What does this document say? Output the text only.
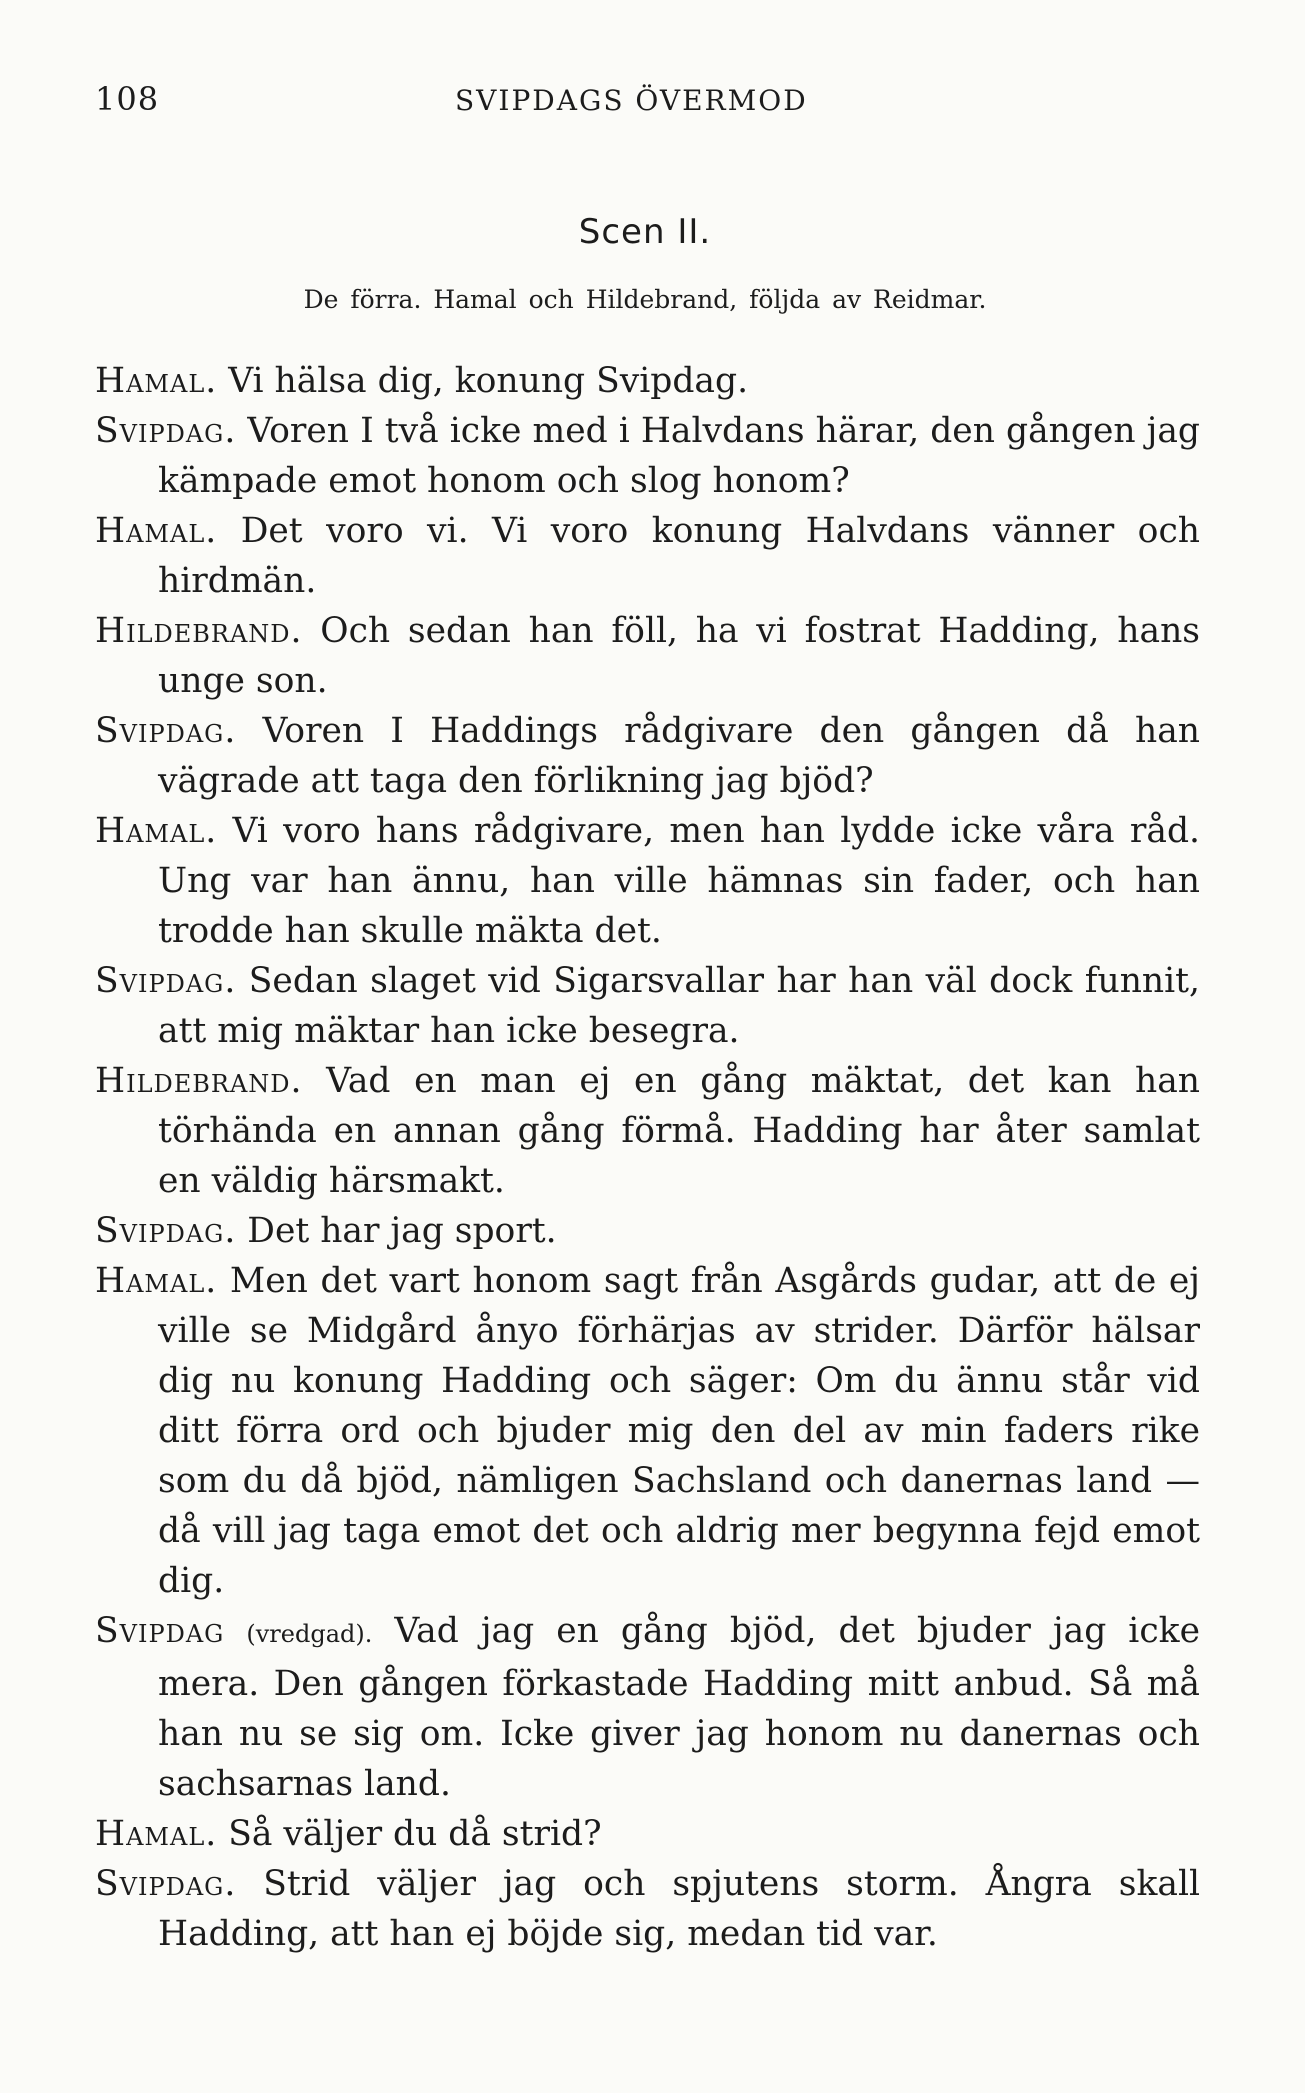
108	SVIPDAGS ÖVERMOD
Scen II.
De förra. Hamal och Hildebrand, följda av Reidmar.

Hamal. Vi hälsa dig, konung Svipdag.

Svipdag. Voren I två icke med i Halvdans härar, den gången jag kämpade emot honom och slog honom?

Hamal. Det voro vi. Vi voro konung Halvdans vänner och hirdmän.

Hildebrand. Och sedan han föll, ha vi fostrat Hadding, hans unge son.

Svipdag. Voren I Haddings rådgivare den gången då han vägrade att taga den förlikning jag bjöd?

Hamal. Vi voro hans rådgivare, men han lydde icke våra råd. Ung var han ännu, han ville hämnas sin fader, och han trodde han skulle mäkta det.

Svipdag. Sedan slaget vid Sigarsvallar har han väl dock funnit, att mig mäktar han icke besegra.

Hildebrand. Vad en man ej en gång mäktat, det kan han törhända en annan gång förmå. Hadding har åter samlat en väldig härsmakt.

Svipdag. Det har jag sport.

Hamal. Men det vart honom sagt från Asgårds gudar, att de ej ville se Midgård ånyo förhärjas av strider. Därför hälsar dig nu konung Hadding och säger: Om du ännu står vid ditt förra ord och bjuder mig den del av min faders rike som du då bjöd, nämligen Sachsland och danernas land — då vill jag taga emot det och aldrig mer begynna fejd emot dig.

Svipdag (vredgad). Vad jag en gång bjöd, det bjuder jag icke mera. Den gången förkastade Hadding mitt anbud. Så må han nu se sig om. Icke giver jag honom nu danernas och sachsarnas land.

Hamal. Så väljer du då strid?

Svipdag. Strid väljer jag och spjutens storm. Ångra skall Hadding, att han ej böjde sig, medan tid var.
